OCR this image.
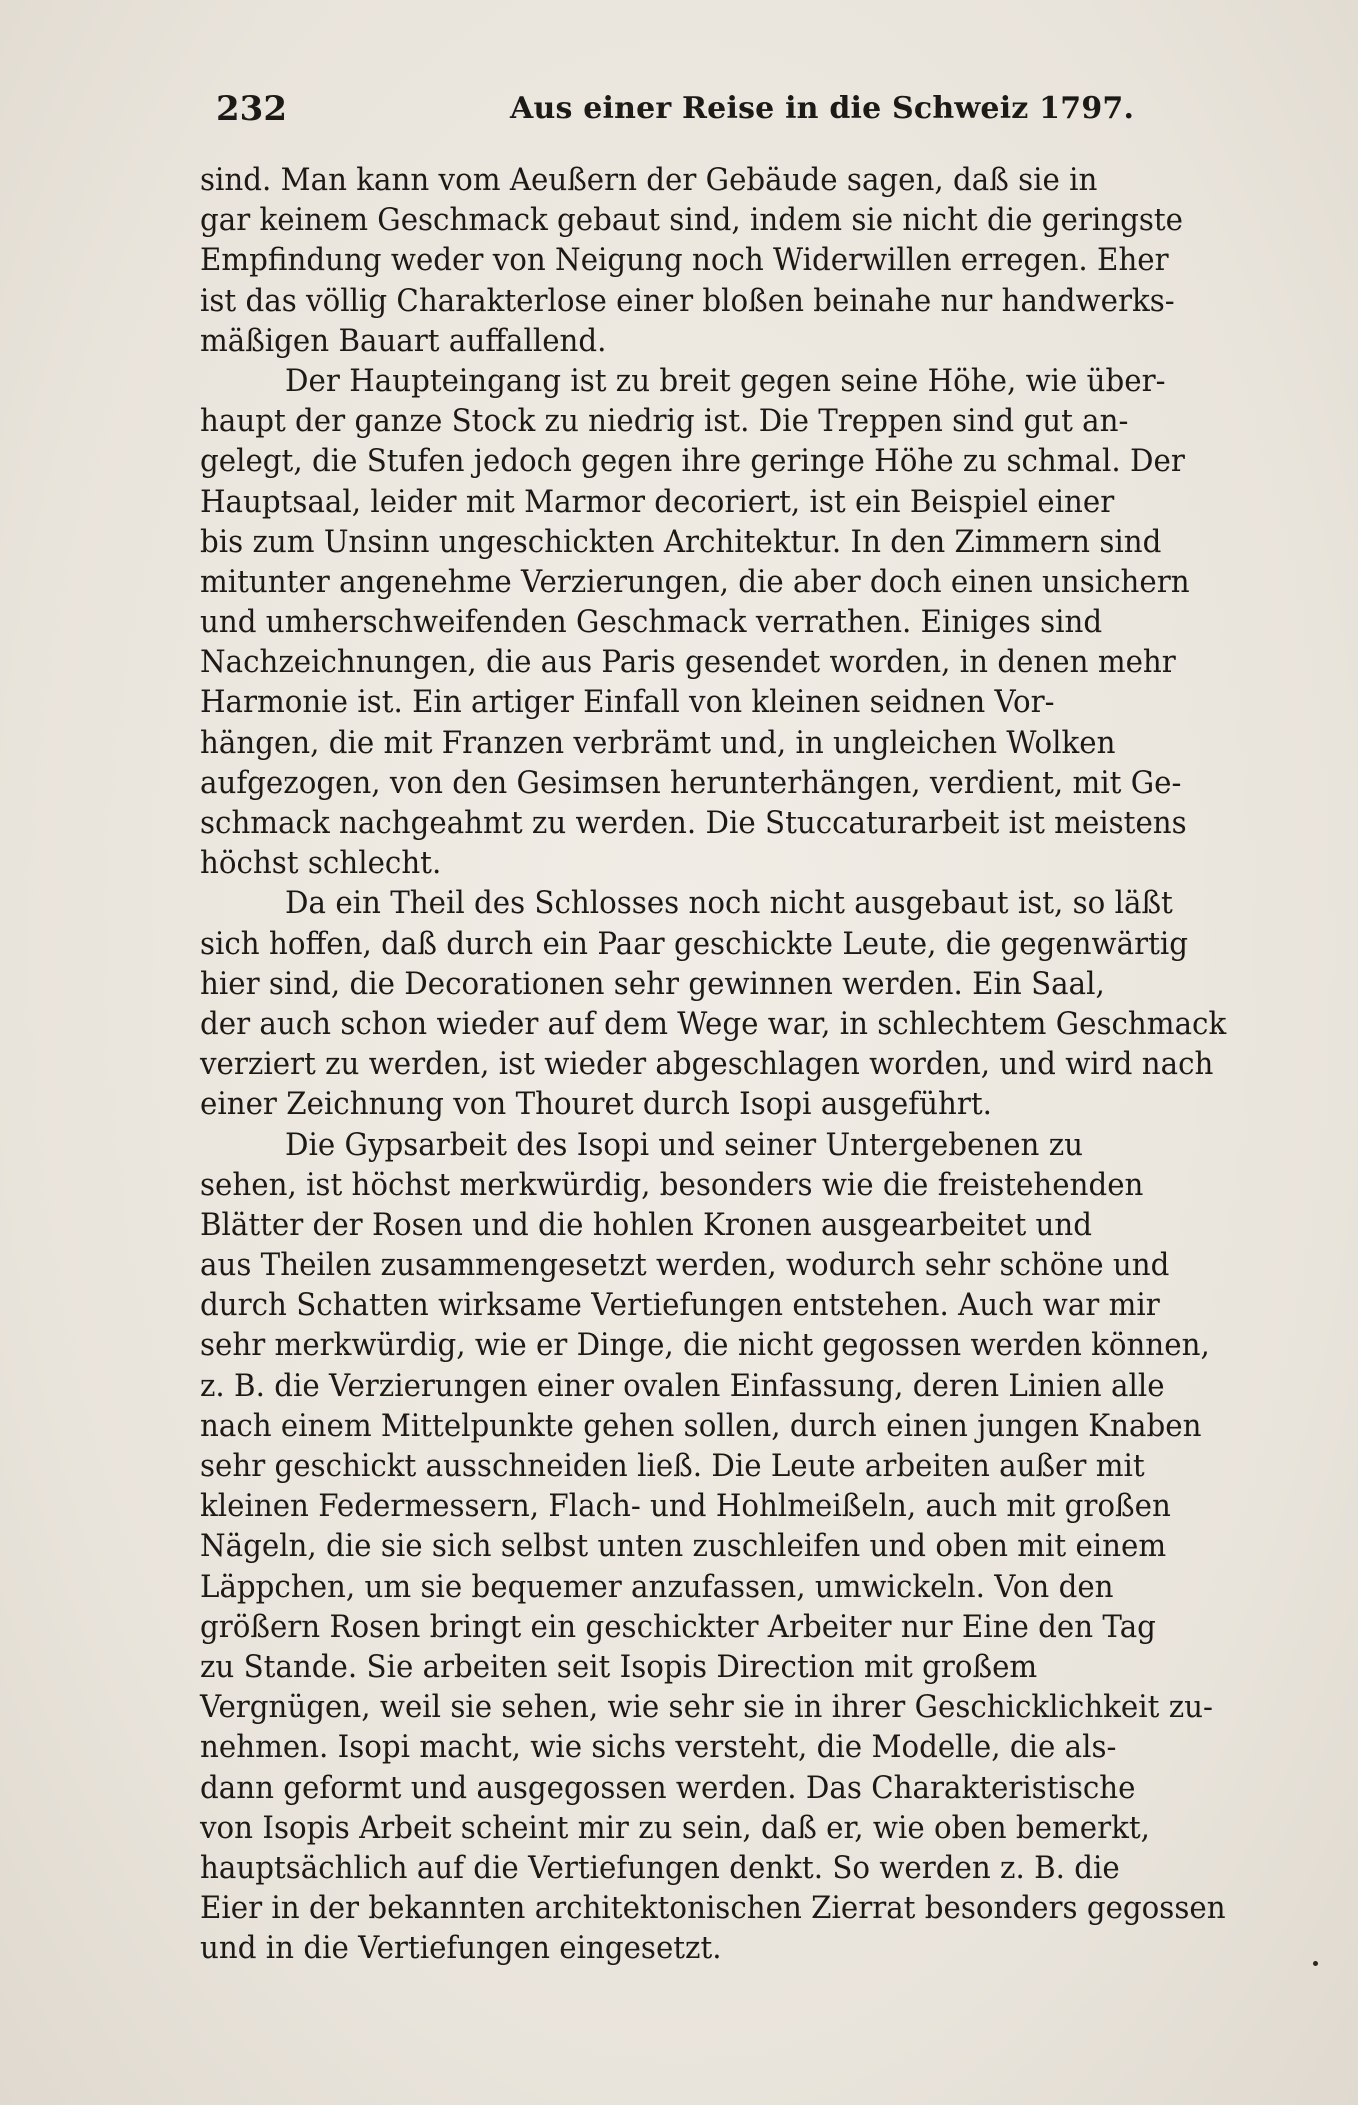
232	Aus einer Reise in die Schweiz 1797.
sind. Man kann vom Aeußern der Gebäude sagen, daß sie in
gar keinem Geschmack gebaut sind, indem sie nicht die geringste
Empfindung weder von Neigung noch Widerwillen erregen. Eher
ist das völlig Charakterlose einer bloßen beinahe nur handwerks-
mäßigen Bauart auffallend.
Der Haupteingang ist zu breit gegen seine Höhe, wie über-
haupt der ganze Stock zu niedrig ist. Die Treppen sind gut an-
gelegt, die Stufen jedoch gegen ihre geringe Höhe zu schmal. Der
Hauptsaal, leider mit Marmor decoriert, ist ein Beispiel einer
bis zum Unsinn ungeschickten Architektur. In den Zimmern sind
mitunter angenehme Verzierungen, die aber doch einen unsichern
und umherschweifenden Geschmack verrathen. Einiges sind
Nachzeichnungen, die aus Paris gesendet worden, in denen mehr
Harmonie ist. Ein artiger Einfall von kleinen seidnen Vor-
hängen, die mit Franzen verbrämt und, in ungleichen Wolken
aufgezogen, von den Gesimsen herunterhängen, verdient, mit Ge-
schmack nachgeahmt zu werden. Die Stuccaturarbeit ist meistens
höchst schlecht.
Da ein Theil des Schlosses noch nicht ausgebaut ist, so läßt
sich hoffen, daß durch ein Paar geschickte Leute, die gegenwärtig
hier sind, die Decorationen sehr gewinnen werden. Ein Saal,
der auch schon wieder auf dem Wege war, in schlechtem Geschmack
verziert zu werden, ist wieder abgeschlagen worden, und wird nach
einer Zeichnung von Thouret durch Isopi ausgeführt.
Die Gypsarbeit des Isopi und seiner Untergebenen zu
sehen, ist höchst merkwürdig, besonders wie die freistehenden
Blätter der Rosen und die hohlen Kronen ausgearbeitet und
aus Theilen zusammengesetzt werden, wodurch sehr schöne und
durch Schatten wirksame Vertiefungen entstehen. Auch war mir
sehr merkwürdig, wie er Dinge, die nicht gegossen werden können,
z. B. die Verzierungen einer ovalen Einfassung, deren Linien alle
nach einem Mittelpunkte gehen sollen, durch einen jungen Knaben
sehr geschickt ausschneiden ließ. Die Leute arbeiten außer mit
kleinen Federmessern, Flach- und Hohlmeißeln, auch mit großen
Nägeln, die sie sich selbst unten zuschleifen und oben mit einem
Läppchen, um sie bequemer anzufassen, umwickeln. Von den
größern Rosen bringt ein geschickter Arbeiter nur Eine den Tag
zu Stande. Sie arbeiten seit Isopis Direction mit großem
Vergnügen, weil sie sehen, wie sehr sie in ihrer Geschicklichkeit zu-
nehmen. Isopi macht, wie sichs versteht, die Modelle, die als-
dann geformt und ausgegossen werden. Das Charakteristische
von Isopis Arbeit scheint mir zu sein, daß er, wie oben bemerkt,
hauptsächlich auf die Vertiefungen denkt. So werden z. B. die
Eier in der bekannten architektonischen Zierrat besonders gegossen
und in die Vertiefungen eingesetzt.
